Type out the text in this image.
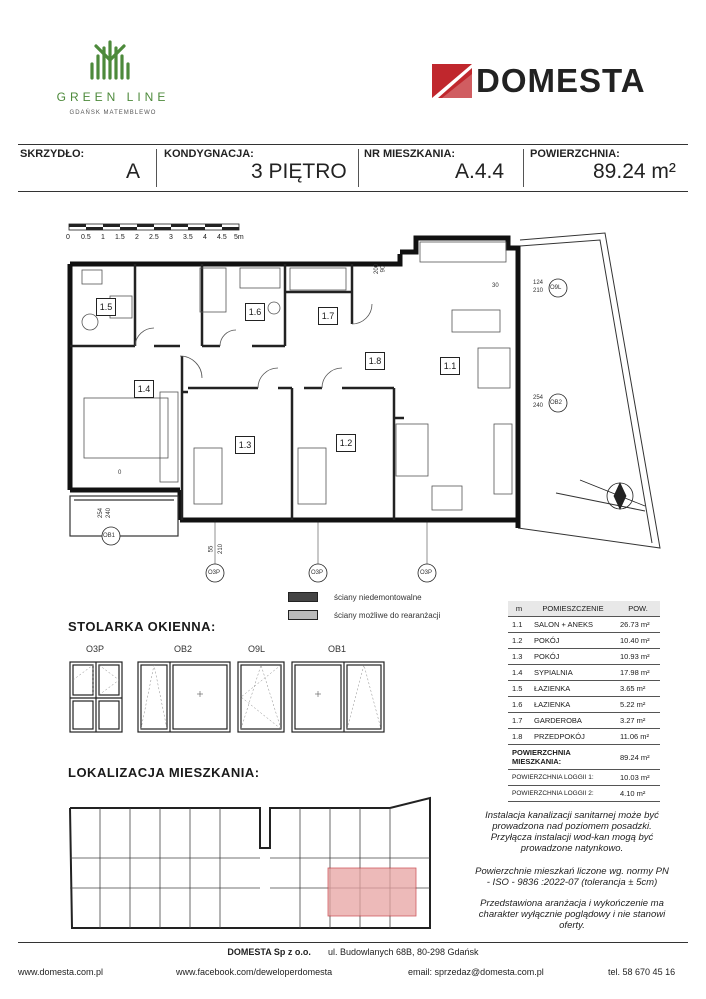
GREEN LINE
GDAŃSK MATEMBLEWO
DOMESTA
SKRZYDŁO:
A
KONDYGNACJA:
3 PIĘTRO
NR MIESZKANIA:
A.4.4
POWIERZCHNIA:
89.24 m²
0 0.5 1 1.5 2 2.5 3 3.5 4 4.5 5m
1.1
1.2
1.3
1.4
1.5	1.6	1.7
1.8
O9L
OB2
OB1
O3P	O3P	O3P
124
210
254
240
254 240
55 210
30
0
200 90
ściany niedemontowalne
ściany możliwe do rearanżacji
STOLARKA OKIENNA:
O3P	OB2	O9L	OB1
m	POMIESZCZENIE	POW.
1.1	SALON + ANEKS	26.73 m²
1.2	POKÓJ	10.40 m²
1.3	POKÓJ	10.93 m²
1.4	SYPIALNIA	17.98 m²
1.5	ŁAZIENKA	3.65 m²
1.6	ŁAZIENKA	5.22 m²
1.7	GARDEROBA	3.27 m²
1.8	PRZEDPOKÓJ	11.06 m²
POWIERZCHNIA MIESZKANIA:		89.24 m²
POWIERZCHNIA LOGGII 1:		10.03 m²
POWIERZCHNIA LOGGII 2:		4.10 m²
LOKALIZACJA MIESZKANIA:
Instalacja kanalizacji sanitarnej może być prowadzona nad poziomem posadzki. Przyłącza instalacji wod-kan mogą być prowadzone natynkowo.
Powierzchnie mieszkań liczone wg. normy PN - ISO - 9836 :2022-07 (tolerancja ± 5cm)
Przedstawiona aranżacja i wykończenie ma charakter wyłącznie poglądowy i nie stanowi oferty.
DOMESTA Sp z o.o. ul. Budowlanych 68B, 80-298 Gdańsk
www.domesta.com.pl	www.facebook.com/deweloperdomesta	email: sprzedaz@domesta.com.pl	tel. 58 670 45 16
